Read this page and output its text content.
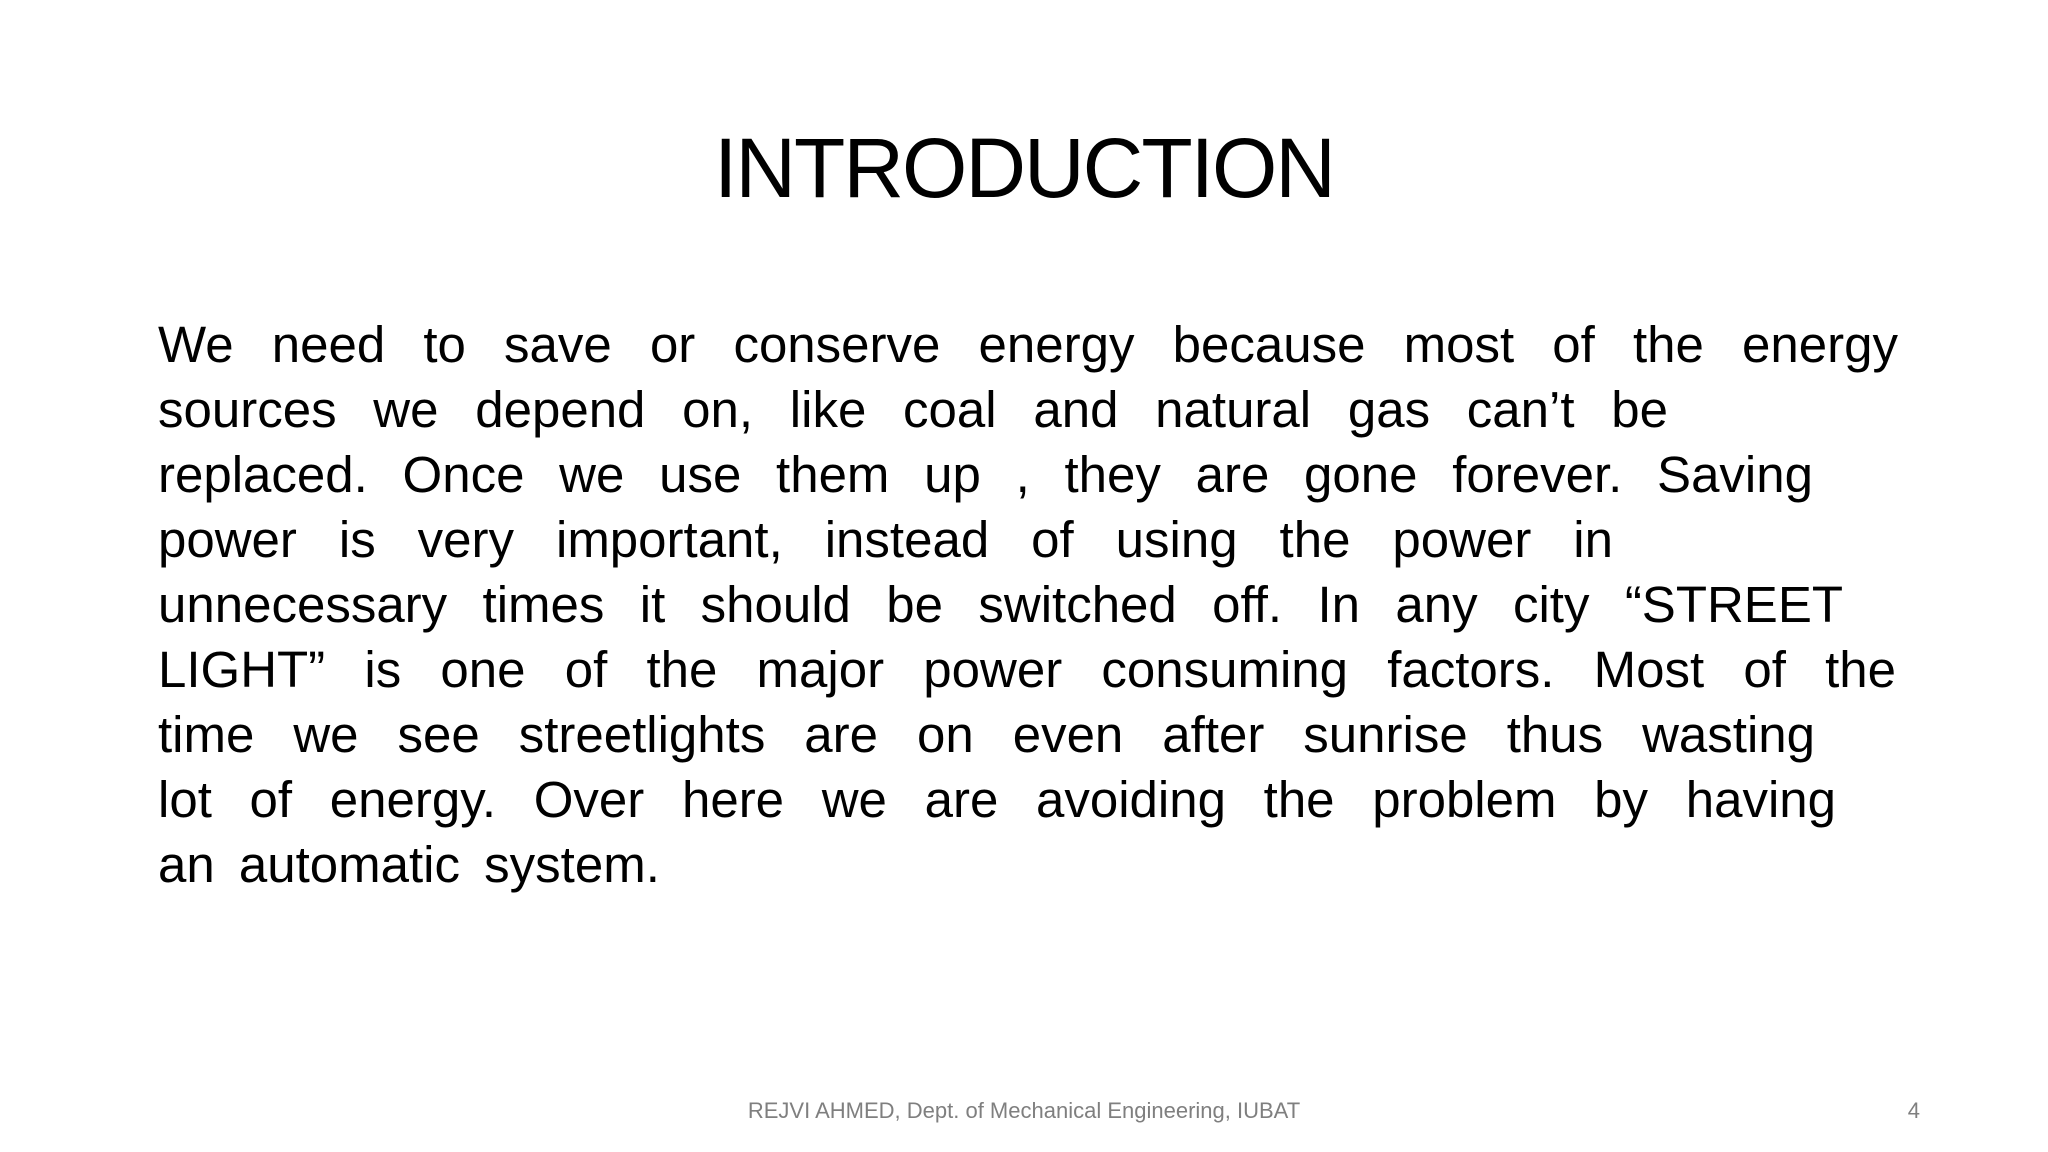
INTRODUCTION
We need to save or conserve energy because most of the energy
sources we depend on, like coal and natural gas can’t be
replaced. Once we use them up , they are gone forever. Saving
power is very important, instead of using the power in
unnecessary times it should be switched off. In any city “STREET
LIGHT” is one of the major power consuming factors. Most of the
time we see streetlights are on even after sunrise thus wasting
lot of energy. Over here we are avoiding the problem by having
an automatic system.
REJVI AHMED, Dept. of Mechanical Engineering, IUBAT	4
